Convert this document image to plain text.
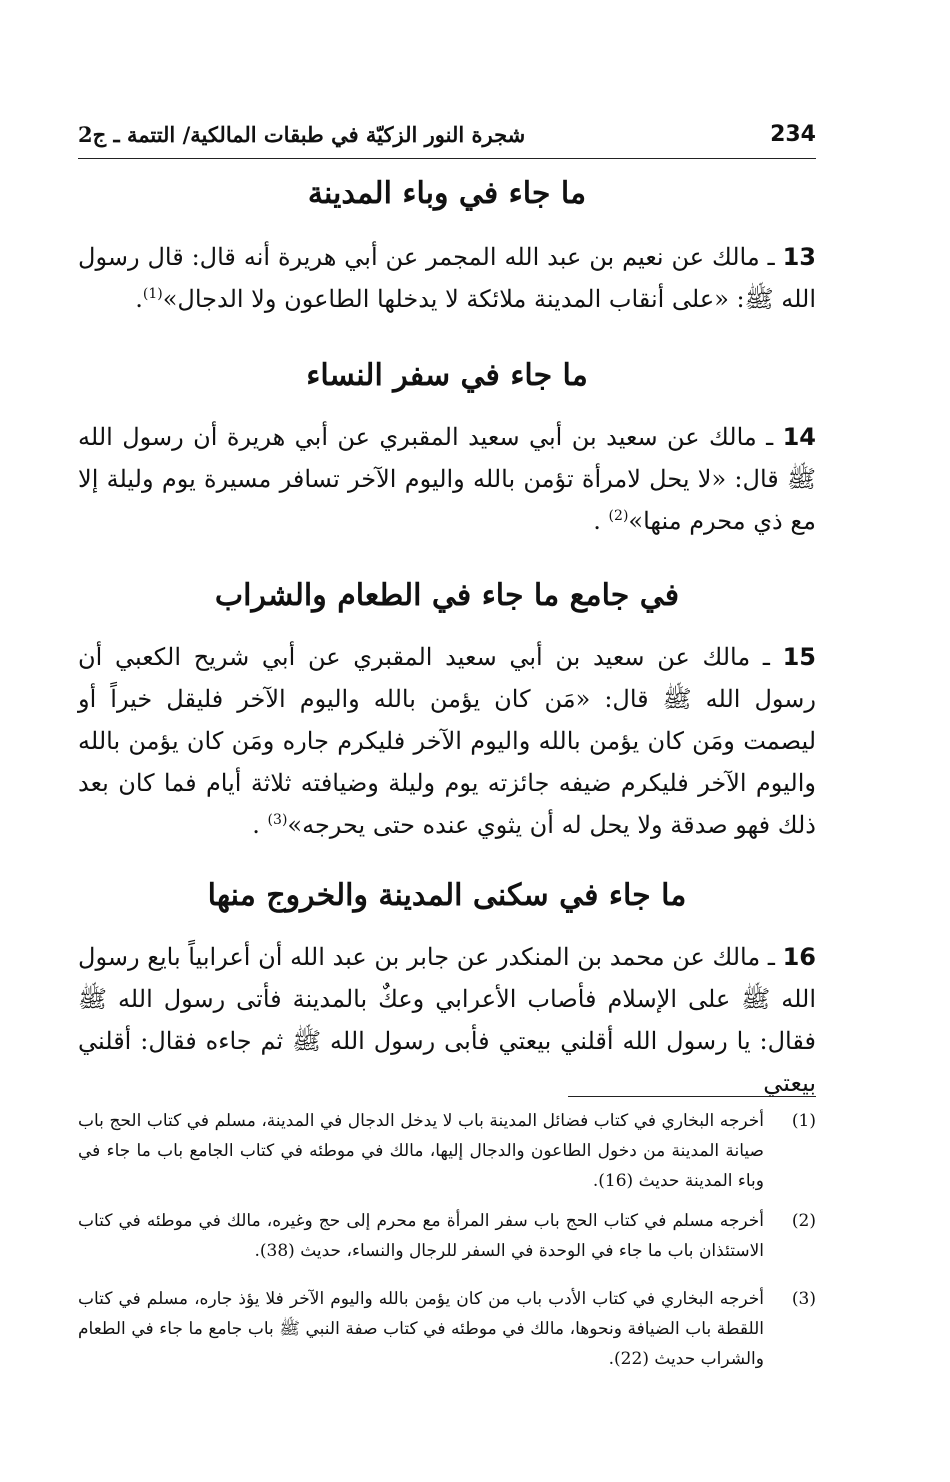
234
شجرة النور الزكيّة في طبقات المالكية/ التتمة ـ ج2
ما جاء في وباء المدينة

13 ـ مالك عن نعيم بن عبد الله المجمر عن أبي هريرة أنه قال: قال رسول الله ﷺ: «على أنقاب المدينة ملائكة لا يدخلها الطاعون ولا الدجال»$^{(1)}$.

ما جاء في سفر النساء

14 ـ مالك عن سعيد بن أبي سعيد المقبري عن أبي هريرة أن رسول الله ﷺ قال: «لا يحل لامرأة تؤمن بالله واليوم الآخر تسافر مسيرة يوم وليلة إلا مع ذي محرم منها»$^{(2)}$ .

في جامع ما جاء في الطعام والشراب

15 ـ مالك عن سعيد بن أبي سعيد المقبري عن أبي شريح الكعبي أن رسول الله ﷺ قال: «مَن كان يؤمن بالله واليوم الآخر فليقل خيراً أو ليصمت ومَن كان يؤمن بالله واليوم الآخر فليكرم جاره ومَن كان يؤمن بالله واليوم الآخر فليكرم ضيفه جائزته يوم وليلة وضيافته ثلاثة أيام فما كان بعد ذلك فهو صدقة ولا يحل له أن يثوي عنده حتى يحرجه»$^{(3)}$ .

ما جاء في سكنى المدينة والخروج منها

16 ـ مالك عن محمد بن المنكدر عن جابر بن عبد الله أن أعرابياً بايع رسول الله ﷺ على الإسلام فأصاب الأعرابي وعكٌ بالمدينة فأتى رسول الله ﷺ فقال: يا رسول الله أقلني بيعتي فأبى رسول الله ﷺ ثم جاءه فقال: أقلني بيعتي

(1)
أخرجه البخاري في كتاب فضائل المدينة باب لا يدخل الدجال في المدينة، مسلم في كتاب الحج باب صيانة المدينة من دخول الطاعون والدجال إليها، مالك في موطئه في كتاب الجامع باب ما جاء في وباء المدينة حديث (16).
(2)
أخرجه مسلم في كتاب الحج باب سفر المرأة مع محرم إلى حج وغيره، مالك في موطئه في كتاب الاستئذان باب ما جاء في الوحدة في السفر للرجال والنساء، حديث (38).
(3)
أخرجه البخاري في كتاب الأدب باب من كان يؤمن بالله واليوم الآخر فلا يؤذ جاره، مسلم في كتاب اللقطة باب الضيافة ونحوها، مالك في موطئه في كتاب صفة النبي ﷺ باب جامع ما جاء في الطعام والشراب حديث (22).
